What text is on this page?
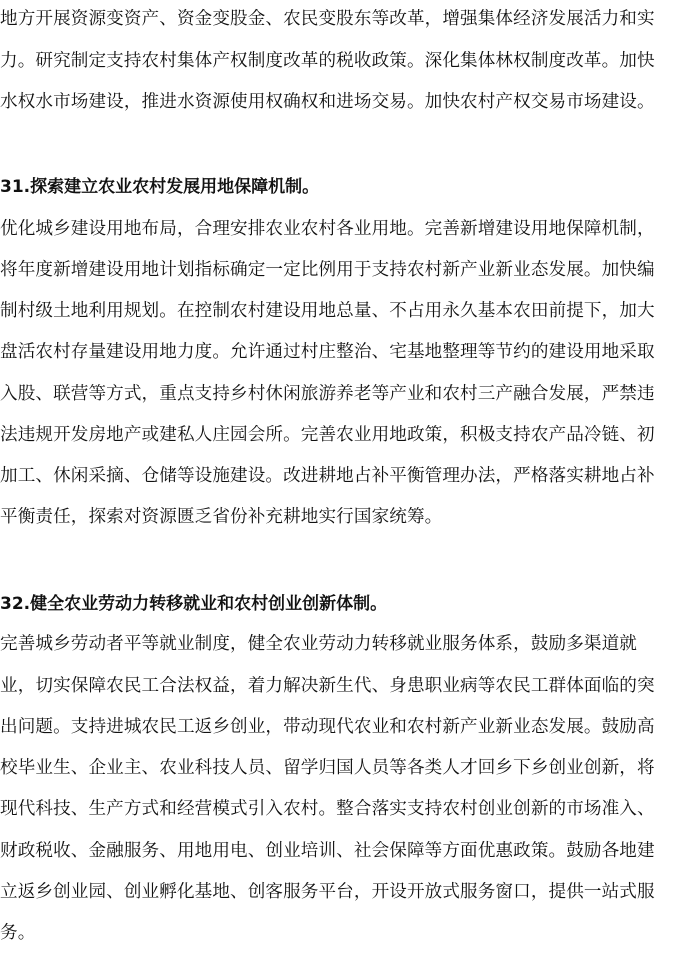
地方开展资源变资产、资金变股金、农民变股东等改革，增强集体经济发展活力和实
力。研究制定支持农村集体产权制度改革的税收政策。深化集体林权制度改革。加快
水权水市场建设，推进水资源使用权确权和进场交易。加快农村产权交易市场建设。
31.探索建立农业农村发展用地保障机制。
优化城乡建设用地布局，合理安排农业农村各业用地。完善新增建设用地保障机制，
将年度新增建设用地计划指标确定一定比例用于支持农村新产业新业态发展。加快编
制村级土地利用规划。在控制农村建设用地总量、不占用永久基本农田前提下，加大
盘活农村存量建设用地力度。允许通过村庄整治、宅基地整理等节约的建设用地采取
入股、联营等方式，重点支持乡村休闲旅游养老等产业和农村三产融合发展，严禁违
法违规开发房地产或建私人庄园会所。完善农业用地政策，积极支持农产品冷链、初
加工、休闲采摘、仓储等设施建设。改进耕地占补平衡管理办法，严格落实耕地占补
平衡责任，探索对资源匮乏省份补充耕地实行国家统筹。
32.健全农业劳动力转移就业和农村创业创新体制。
完善城乡劳动者平等就业制度，健全农业劳动力转移就业服务体系，鼓励多渠道就
业，切实保障农民工合法权益，着力解决新生代、身患职业病等农民工群体面临的突
出问题。支持进城农民工返乡创业，带动现代农业和农村新产业新业态发展。鼓励高
校毕业生、企业主、农业科技人员、留学归国人员等各类人才回乡下乡创业创新，将
现代科技、生产方式和经营模式引入农村。整合落实支持农村创业创新的市场准入、
财政税收、金融服务、用地用电、创业培训、社会保障等方面优惠政策。鼓励各地建
立返乡创业园、创业孵化基地、创客服务平台，开设开放式服务窗口，提供一站式服
务。
